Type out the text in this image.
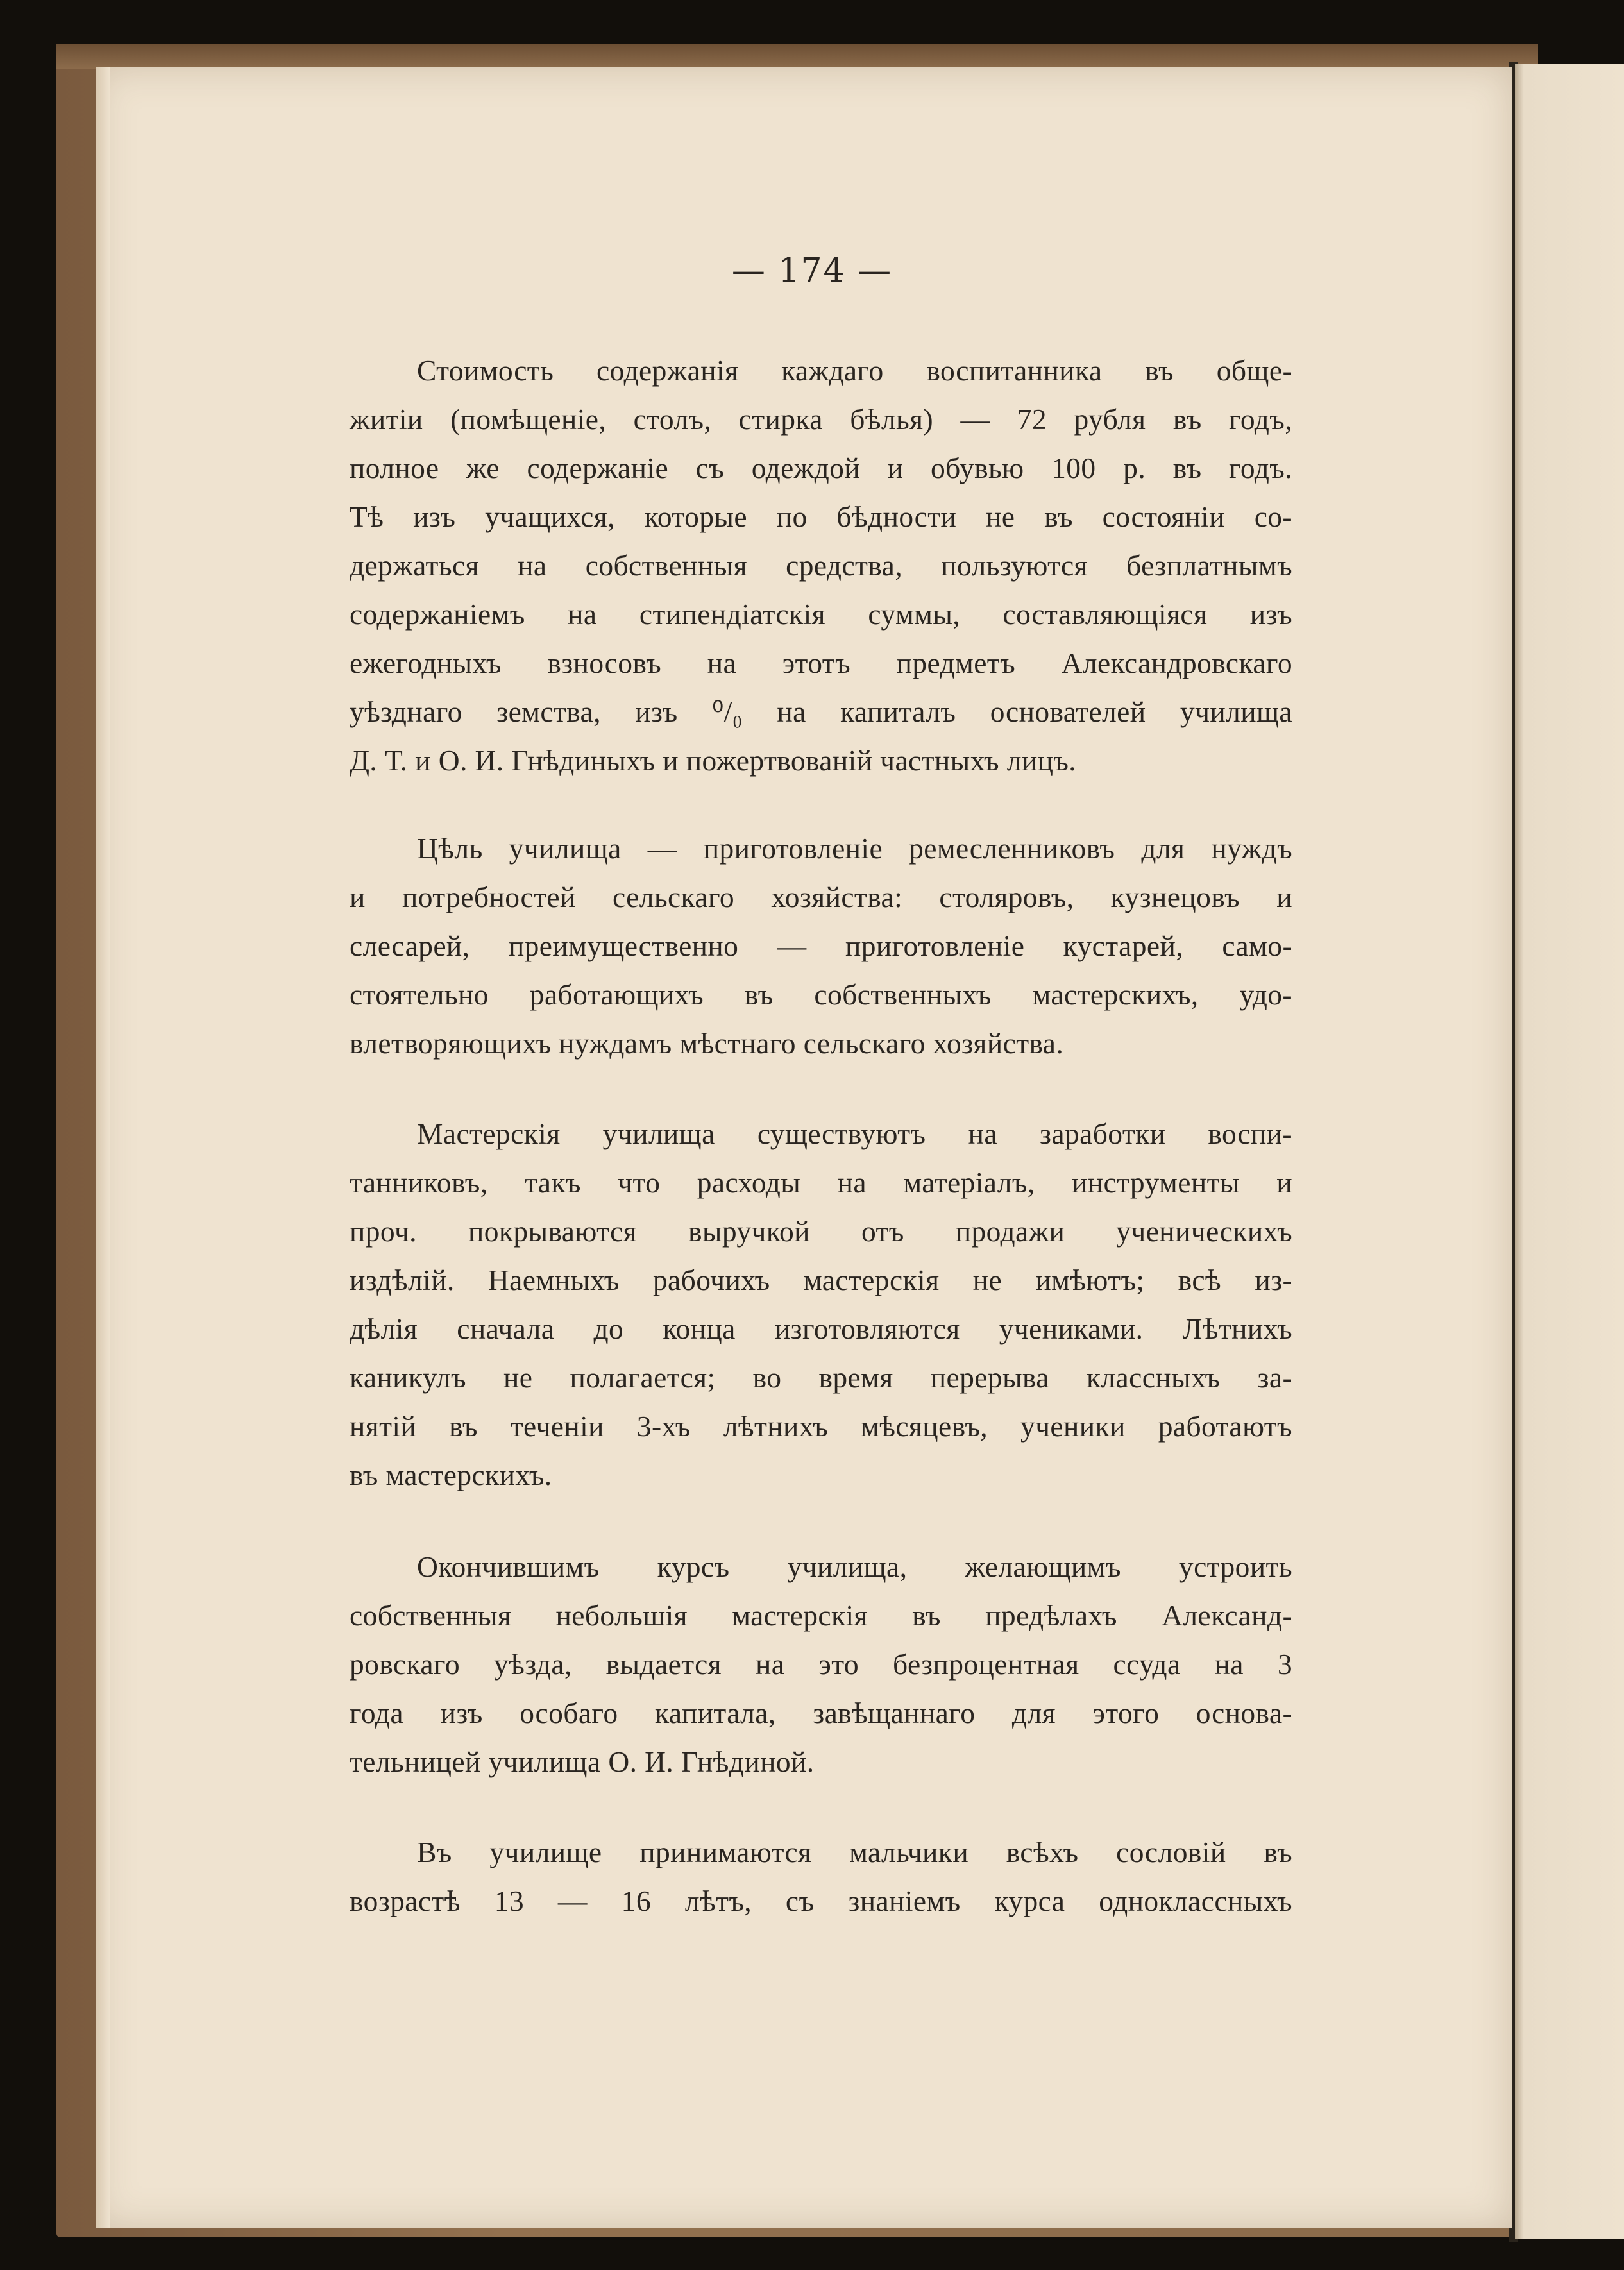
— 174 —
Стоимость содержанія каждаго воспитанника въ обще-
житіи (помѣщеніе, столъ, стирка бѣлья) — 72 рубля въ годъ,
полное же содержаніе съ одеждой и обувью 100 р. въ годъ.
Тѣ изъ учащихся, которые по бѣдности не въ состояніи со-
держаться на собственныя средства, пользуются безплатнымъ
содержаніемъ на стипендіатскія суммы, составляющіяся изъ
ежегодныхъ взносовъ на этотъ предметъ Александровскаго
уѣзднаго земства, изъ ⁰/₀ на капиталъ основателей училища
Д. Т. и О. И. Гнѣдиныхъ и пожертвованій частныхъ лицъ.
Цѣль училища — приготовленіе ремесленниковъ для нуждъ
и потребностей сельскаго хозяйства: столяровъ, кузнецовъ и
слесарей, преимущественно — приготовленіе кустарей, само-
стоятельно работающихъ въ собственныхъ мастерскихъ, удо-
влетворяющихъ нуждамъ мѣстнаго сельскаго хозяйства.
Мастерскія училища существуютъ на заработки воспи-
танниковъ, такъ что расходы на матеріалъ, инструменты и
проч. покрываются выручкой отъ продажи ученическихъ
издѣлій. Наемныхъ рабочихъ мастерскія не имѣютъ; всѣ из-
дѣлія сначала до конца изготовляются учениками. Лѣтнихъ
каникулъ не полагается; во время перерыва классныхъ за-
нятій въ теченіи 3-хъ лѣтнихъ мѣсяцевъ, ученики работаютъ
въ мастерскихъ.
Окончившимъ курсъ училища, желающимъ устроить
собственныя небольшія мастерскія въ предѣлахъ Александ-
ровскаго уѣзда, выдается на это безпроцентная ссуда на 3
года изъ особаго капитала, завѣщаннаго для этого основа-
тельницей училища О. И. Гнѣдиной.
Въ училище принимаются мальчики всѣхъ сословій въ
возрастѣ 13 — 16 лѣтъ, съ знаніемъ курса одноклассныхъ
